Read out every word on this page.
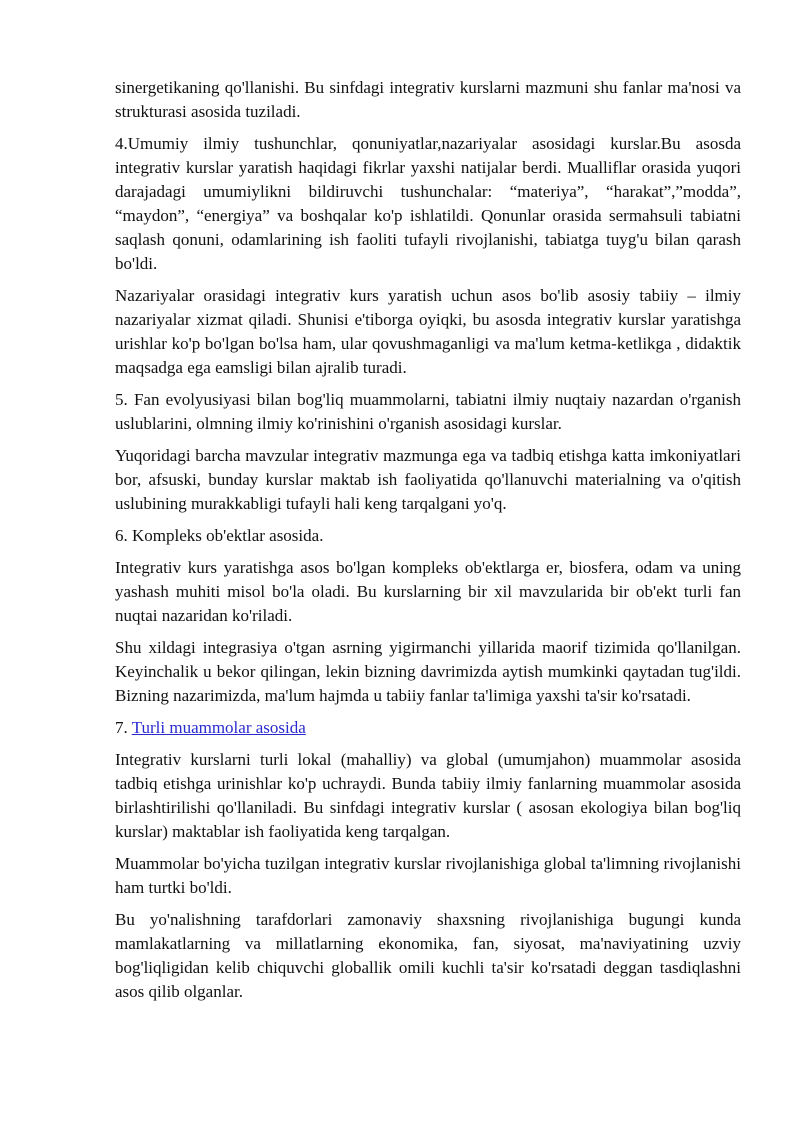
sinergetikaning qo'llanishi. Bu sinfdagi integrativ kurslarni mazmuni shu fanlar ma'nosi va strukturasi asosida tuziladi.

4.Umumiy ilmiy tushunchlar, qonuniyatlar,nazariyalar asosidagi kurslar.Bu asosda integrativ kurslar yaratish haqidagi fikrlar yaxshi natijalar berdi. Mualliflar orasida yuqori darajadagi umumiylikni bildiruvchi tushunchalar: “materiya”, “harakat”,”modda”, “maydon”, “energiya” va boshqalar ko'p ishlatildi. Qonunlar orasida sermahsuli tabiatni saqlash qonuni, odamlarining ish faoliti tufayli rivojlanishi, tabiatga tuyg'u bilan qarash bo'ldi.

Nazariyalar orasidagi integrativ kurs yaratish uchun asos bo'lib asosiy tabiiy – ilmiy nazariyalar xizmat qiladi. Shunisi e'tiborga oyiqki, bu asosda integrativ kurslar yaratishga urishlar ko'p bo'lgan bo'lsa ham, ular qovushmaganligi va ma'lum ketma-ketlikga , didaktik maqsadga ega eamsligi bilan ajralib turadi.

5. Fan evolyusiyasi bilan bog'liq muammolarni, tabiatni ilmiy nuqtaiy nazardan o'rganish uslublarini, olmning ilmiy ko'rinishini o'rganish asosidagi kurslar.

Yuqoridagi barcha mavzular integrativ mazmunga ega va tadbiq etishga katta imkoniyatlari bor, afsuski, bunday kurslar maktab ish faoliyatida qo'llanuvchi materialning va o'qitish uslubining murakkabligi tufayli hali keng tarqalgani yo'q.

6. Kompleks ob'ektlar asosida.

Integrativ kurs yaratishga asos bo'lgan kompleks ob'ektlarga er, biosfera, odam va uning yashash muhiti misol bo'la oladi. Bu kurslarning bir xil mavzularida bir ob'ekt turli fan nuqtai nazaridan ko'riladi.

Shu xildagi integrasiya o'tgan asrning yigirmanchi yillarida maorif tizimida qo'llanilgan. Keyinchalik u bekor qilingan, lekin bizning davrimizda aytish mumkinki qaytadan tug'ildi. Bizning nazarimizda, ma'lum hajmda u tabiiy fanlar ta'limiga yaxshi ta'sir ko'rsatadi.

7. Turli muammolar asosida

Integrativ kurslarni turli lokal (mahalliy) va global (umumjahon) muammolar asosida tadbiq etishga urinishlar ko'p uchraydi. Bunda tabiiy ilmiy fanlarning muammolar asosida birlashtirilishi qo'llaniladi. Bu sinfdagi integrativ kurslar ( asosan ekologiya bilan bog'liq kurslar) maktablar ish faoliyatida keng tarqalgan.

Muammolar bo'yicha tuzilgan integrativ kurslar rivojlanishiga global ta'limning rivojlanishi ham turtki bo'ldi.

Bu yo'nalishning tarafdorlari zamonaviy shaxsning rivojlanishiga bugungi kunda mamlakatlarning va millatlarning ekonomika, fan, siyosat, ma'naviyatining uzviy bog'liqligidan kelib chiquvchi globallik omili kuchli ta'sir ko'rsatadi deggan tasdiqlashni asos qilib olganlar.
